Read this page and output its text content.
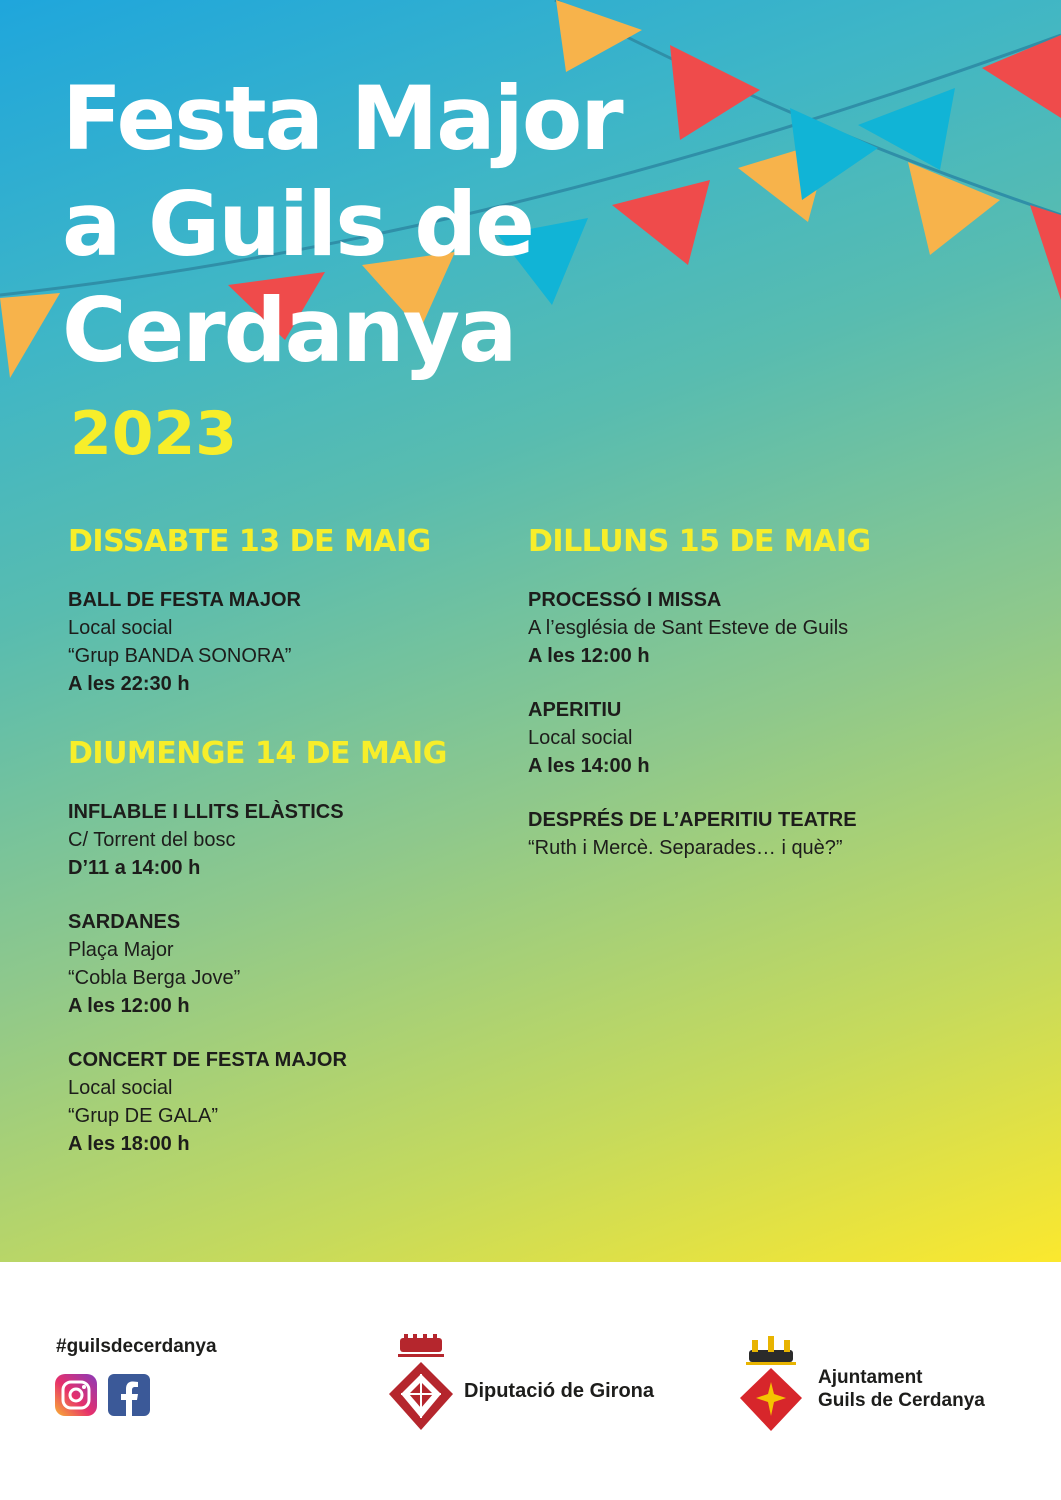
Festa Major
a Guils de
Cerdanya
2023
DISSABTE 13 DE MAIG
BALL DE FESTA MAJOR
Local social
“Grup BANDA SONORA”
A les 22:30 h
DIUMENGE 14 DE MAIG
INFLABLE I LLITS ELÀSTICS
C/ Torrent del bosc
D’11 a 14:00 h
SARDANES
Plaça Major
“Cobla Berga Jove”
A les 12:00 h
CONCERT DE FESTA MAJOR
Local social
“Grup DE GALA”
A les 18:00 h
DILLUNS 15 DE MAIG
PROCESSÓ I MISSA
A l’església de Sant Esteve de Guils
A les 12:00 h
APERITIU
Local social
A les 14:00 h
DESPRÉS DE L’APERITIU TEATRE
“Ruth i Mercè. Separades… i què?”
#guilsdecerdanya
Diputació de Girona
Ajuntament
Guils de Cerdanya
